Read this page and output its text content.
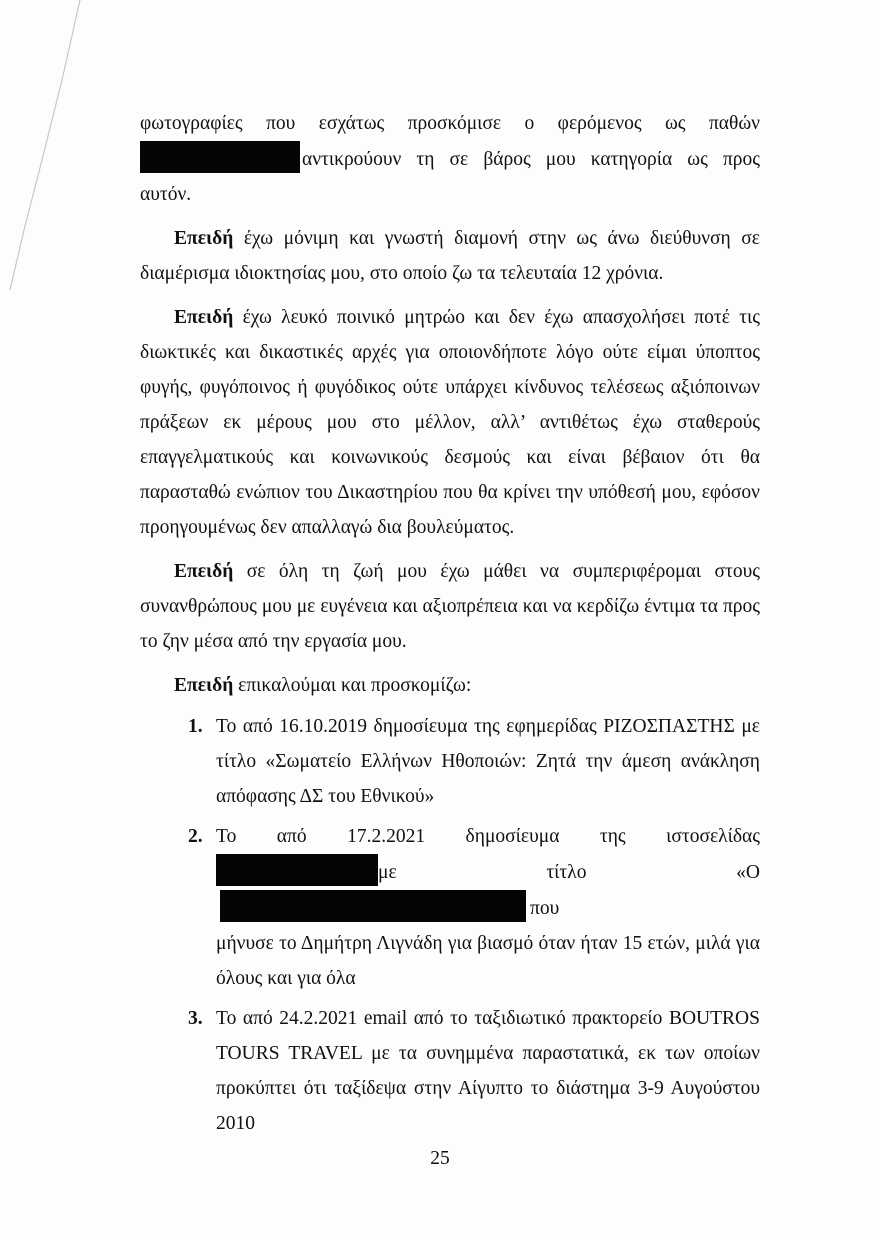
φωτογραφίες που εσχάτως προσκόμισε ο φερόμενος ως παθών

αντικρούουν τη σε βάρος μου κατηγορία ως προς

αυτόν.

Επειδή έχω μόνιμη και γνωστή διαμονή στην ως άνω διεύθυνση σε διαμέρισμα ιδιοκτησίας μου, στο οποίο ζω τα τελευταία 12 χρόνια.

Επειδή έχω λευκό ποινικό μητρώο και δεν έχω απασχολήσει ποτέ τις διωκτικές και δικαστικές αρχές για οποιονδήποτε λόγο ούτε είμαι ύποπτος φυγής, φυγόποινος ή φυγόδικος ούτε υπάρχει κίνδυνος τελέσεως αξιόποινων πράξεων εκ μέρους μου στο μέλλον, αλλ’ αντιθέτως έχω σταθερούς επαγγελματικούς και κοινωνικούς δεσμούς και είναι βέβαιον ότι θα παρασταθώ ενώπιον του Δικαστηρίου που θα κρίνει την υπόθεσή μου, εφόσον προηγουμένως δεν απαλλαγώ δια βουλεύματος.

Επειδή σε όλη τη ζωή μου έχω μάθει να συμπεριφέρομαι στους συνανθρώπους μου με ευγένεια και αξιοπρέπεια και να κερδίζω έντιμα τα προς το ζην μέσα από την εργασία μου.

Επειδή επικαλούμαι και προσκομίζω:

1. Το από 16.10.2019 δημοσίευμα της εφημερίδας ΡΙΖΟΣΠΑΣΤΗΣ με τίτλο «Σωματείο Ελλήνων Ηθοποιών: Ζητά την άμεση ανάκληση απόφασης ΔΣ του Εθνικού»

2. Το από 17.2.2021 δημοσίευμα της ιστοσελίδας

με τίτλο «Οπου

μήνυσε το Δημήτρη Λιγνάδη για βιασμό όταν ήταν 15 ετών, μιλά για όλους και για όλα

3. Το από 24.2.2021 email από το ταξιδιωτικό πρακτορείο BOUTROS TOURS TRAVEL με τα συνημμένα παραστατικά, εκ των οποίων προκύπτει ότι ταξίδεψα στην Αίγυπτο το διάστημα 3-9 Αυγούστου 2010

25
